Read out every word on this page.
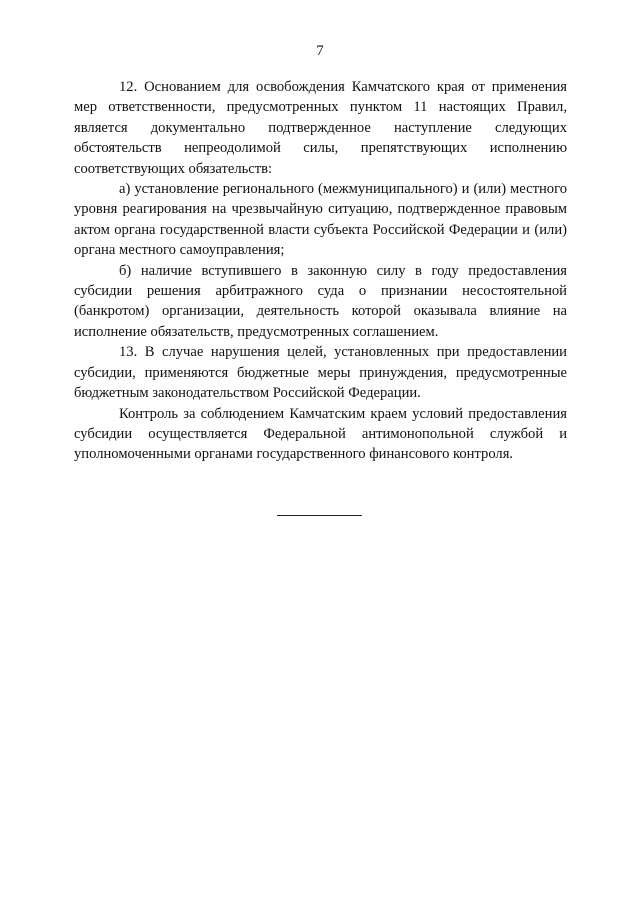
7

12. Основанием для освобождения Камчатского края от применения мер ответственности, предусмотренных пунктом 11 настоящих Правил, является документально подтвержденное наступление следующих обстоятельств непреодолимой силы, препятствующих исполнению соответствующих обязательств:

а) установление регионального (межмуниципального) и (или) местного уровня реагирования на чрезвычайную ситуацию, подтвержденное правовым актом органа государственной власти субъекта Российской Федерации и (или) органа местного самоуправления;

б) наличие вступившего в законную силу в году предоставления субсидии решения арбитражного суда о признании несостоятельной (банкротом) организации, деятельность которой оказывала влияние на исполнение обязательств, предусмотренных соглашением.

13. В случае нарушения целей, установленных при предоставлении субсидии, применяются бюджетные меры принуждения, предусмотренные бюджетным законодательством Российской Федерации.

Контроль за соблюдением Камчатским краем условий предоставления субсидии осуществляется Федеральной антимонопольной службой и уполномоченными органами государственного финансового контроля.
